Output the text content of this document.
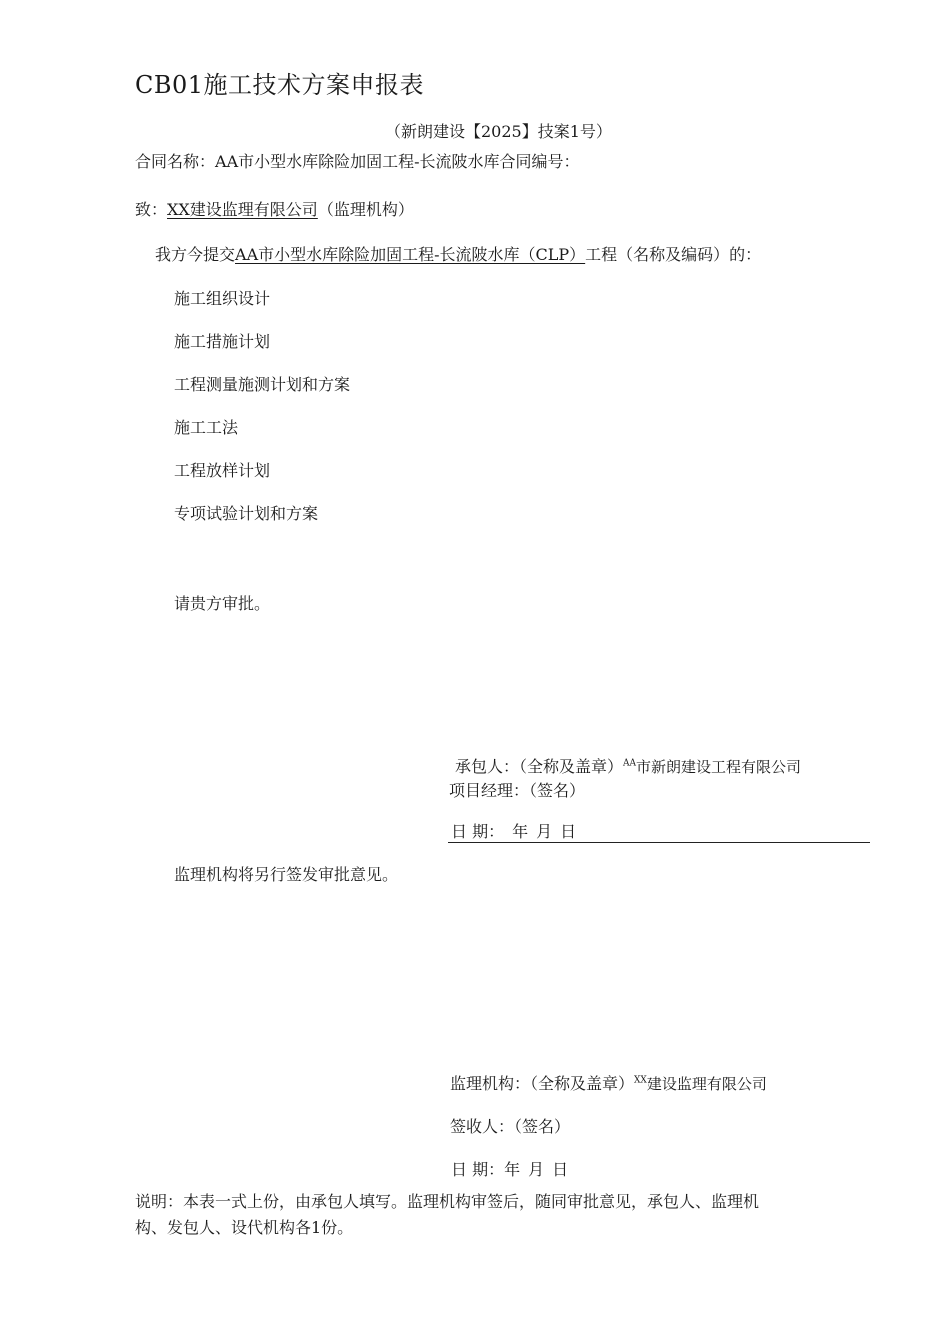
CB01施工技术方案申报表
（新朗建设【2025】技案1号）
合同名称：AA市小型水库除险加固工程-长流陂水库合同编号：
致：XX建设监理有限公司（监理机构）
我方今提交AA市小型水库除险加固工程-长流陂水库（CLP）工程（名称及编码）的：
施工组织设计
施工措施计划
工程测量施测计划和方案
施工工法
工程放样计划
专项试验计划和方案
请贵方审批。
承包人：（全称及盖章）$^{AA}$市新朗建设工程有限公司
项目经理：（签名）
日 期： 年 月 日
监理机构将另行签发审批意见。
监理机构：（全称及盖章）$^{XX}$建设监理有限公司
签收人：（签名）
日 期：年 月 日
说明：本表一式上份，由承包人填写。监理机构审签后，随同审批意见，承包人、监理机
构、发包人、设代机构各1份。
